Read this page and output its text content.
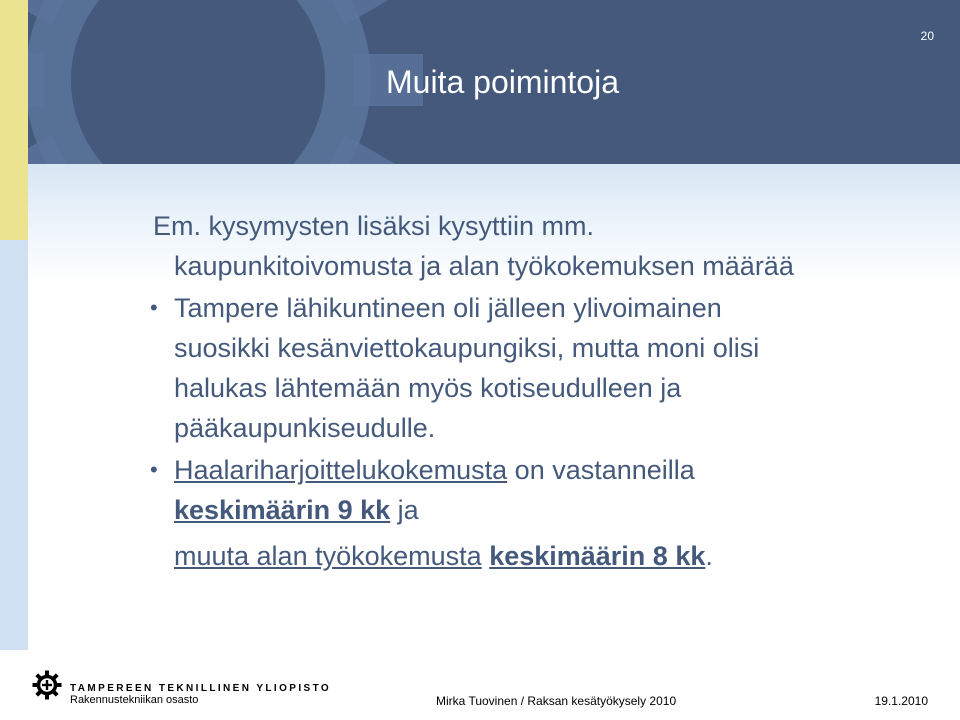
20
Muita poimintoja
Em. kysymysten lisäksi kysyttiin mm.
kaupunkitoivomusta ja alan työkokemuksen määrää
• Tampere lähikuntineen oli jälleen ylivoimainen
suosikki kesänviettokaupungiksi, mutta moni olisi
halukas lähtemään myös kotiseudulleen ja
pääkaupunkiseudulle.
• Haalariharjoittelukokemusta on vastanneilla
keskimäärin 9 kk ja
muuta alan työkokemusta keskimäärin 8 kk.
TAMPEREEN TEKNILLINEN YLIOPISTO
Rakennustekniikan osasto	Mirka Tuovinen / Raksan kesätyökysely 2010	19.1.2010
